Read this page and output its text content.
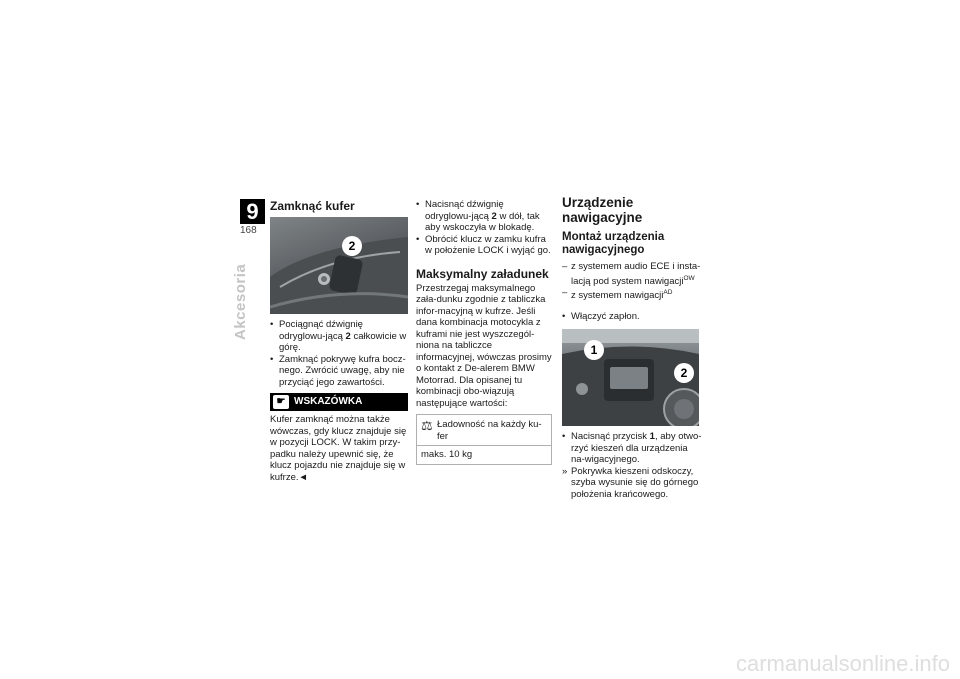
9
168
Akcesoria
Zamknąć kufer
2
• Pociągnąć dźwignię odryglowu-jącą 2 całkowicie w górę.
• Zamknąć pokrywę kufra bocz-nego. Zwrócić uwagę, aby nie przyciąć jego zawartości.
☛ WSKAZÓWKA
Kufer zamknąć można także wówczas, gdy klucz znajduje się w pozycji LOCK. W takim przy-padku należy upewnić się, że klucz pojazdu nie znajduje się w kufrze.◄
• Nacisnąć dźwignię odryglowu-jącą 2 w dół, tak aby wskoczyła w blokadę.
• Obrócić klucz w zamku kufra w położenie LOCK i wyjąć go.
Maksymalny załadunek
Przestrzegaj maksymalnego zała-dunku zgodnie z tabliczka infor-macyjną w kufrze. Jeśli dana kombinacja motocykla z kuframi nie jest wyszczegól-niona na tabliczce informacyjnej, wówczas prosimy o kontakt z De-alerem BMW Motorrad. Dla opisanej tu kombinacji obo-wiązują następujące wartości:
⚖ Ładowność na każdy ku-fer
maks. 10 kg
Urządzenie nawigacyjne
Montaż urządzenia nawigacyjnego
– z systemem audio ECE i insta-lacją pod system nawigacji$^{OW}$
– z systemem nawigacji$^{AD}$
• Włączyć zapłon.
1
2
• Nacisnąć przycisk 1, aby otwo-rzyć kieszeń dla urządzenia na-wigacyjnego.
» Pokrywka kieszeni odskoczy, szyba wysunie się do górnego położenia krańcowego.
carmanualsonline.info
